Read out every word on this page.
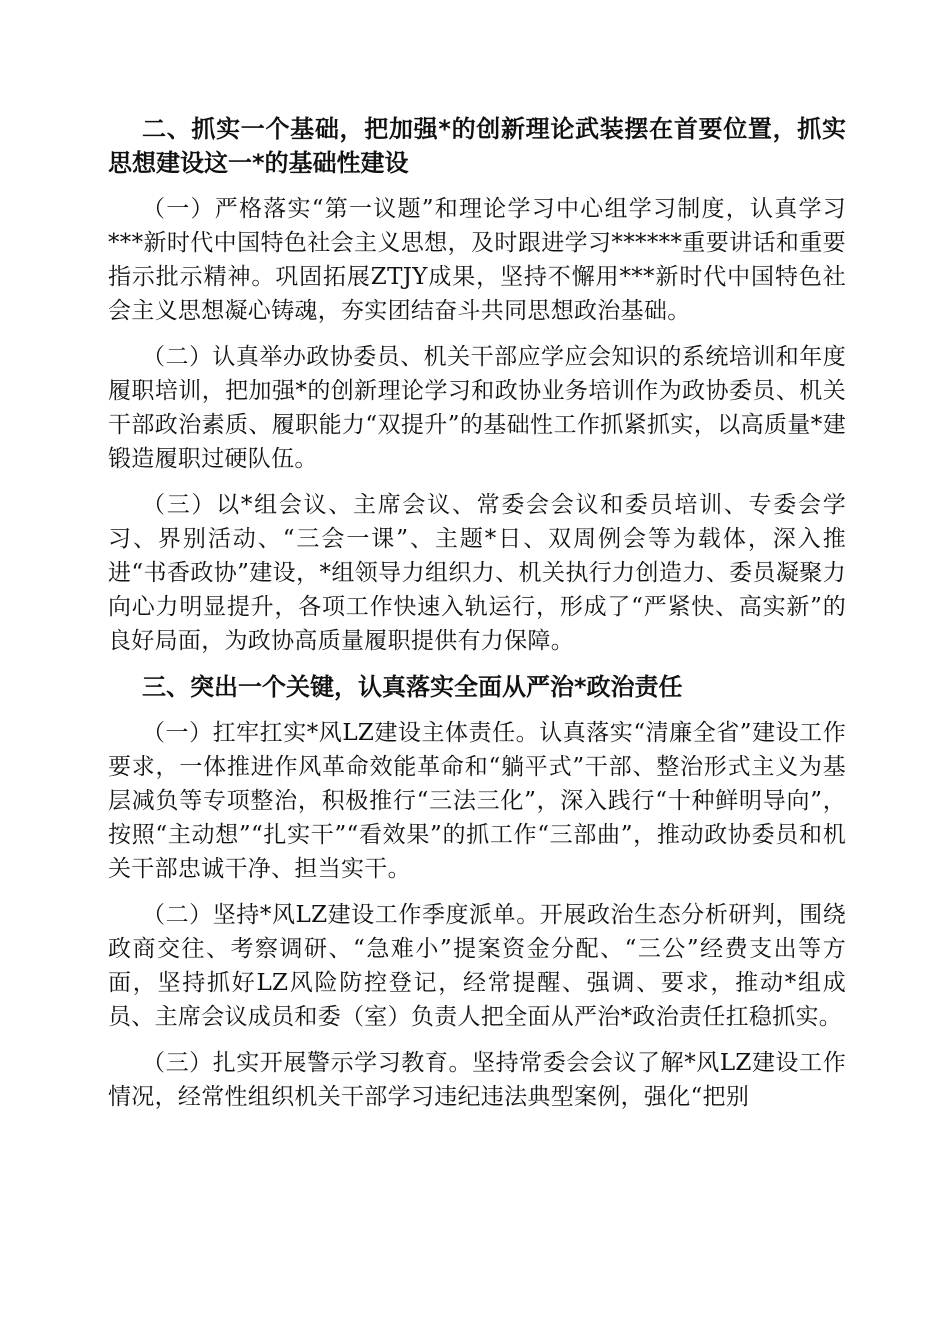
二、抓实一个基础，把加强*的创新理论武装摆在首要位置，抓实思想建设这一*的基础性建设

（一）严格落实“第一议题”和理论学习中心组学习制度，认真学习***新时代中国特色社会主义思想，及时跟进学习******重要讲话和重要指示批示精神。巩固拓展ZTJY成果，坚持不懈用***新时代中国特色社会主义思想凝心铸魂，夯实团结奋斗共同思想政治基础。

（二）认真举办政协委员、机关干部应学应会知识的系统培训和年度履职培训，把加强*的创新理论学习和政协业务培训作为政协委员、机关干部政治素质、履职能力“双提升”的基础性工作抓紧抓实，以高质量*建锻造履职过硬队伍。

（三）以*组会议、主席会议、常委会会议和委员培训、专委会学习、界别活动、“三会一课”、主题*日、双周例会等为载体，深入推进“书香政协”建设，*组领导力组织力、机关执行力创造力、委员凝聚力向心力明显提升，各项工作快速入轨运行，形成了“严紧快、高实新”的良好局面，为政协高质量履职提供有力保障。

三、突出一个关键，认真落实全面从严治*政治责任

（一）扛牢扛实*风LZ建设主体责任。认真落实“清廉全省”建设工作要求，一体推进作风革命效能革命和“躺平式”干部、整治形式主义为基层减负等专项整治，积极推行“三法三化”，深入践行“十种鲜明导向”，按照“主动想”“扎实干”“看效果”的抓工作“三部曲”，推动政协委员和机关干部忠诚干净、担当实干。

（二）坚持*风LZ建设工作季度派单。开展政治生态分析研判，围绕政商交往、考察调研、“急难小”提案资金分配、“三公”经费支出等方面，坚持抓好LZ风险防控登记，经常提醒、强调、要求，推动*组成员、主席会议成员和委（室）负责人把全面从严治*政治责任扛稳抓实。

（三）扎实开展警示学习教育。坚持常委会会议了解*风LZ建设工作情况，经常性组织机关干部学习违纪违法典型案例，强化“把别
